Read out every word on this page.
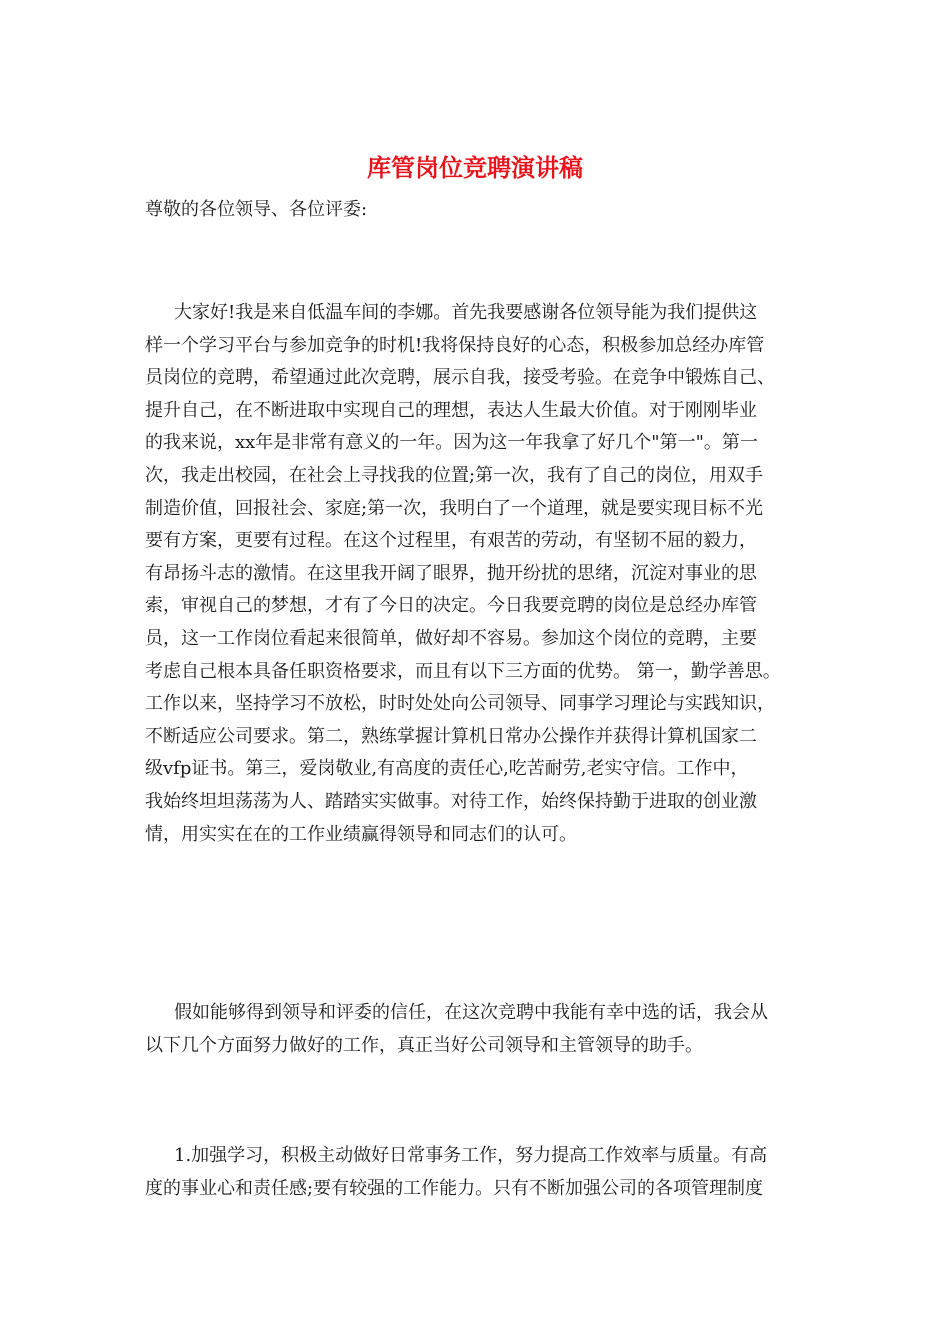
库管岗位竞聘演讲稿

尊敬的各位领导、各位评委:

大家好!我是来自低温车间的李娜。首先我要感谢各位领导能为我们提供这
样一个学习平台与参加竞争的时机!我将保持良好的心态，积极参加总经办库管
员岗位的竞聘，希望通过此次竞聘，展示自我，接受考验。在竞争中锻炼自己、
提升自己，在不断进取中实现自己的理想，表达人生最大价值。对于刚刚毕业
的我来说，xx年是非常有意义的一年。因为这一年我拿了好几个"第一"。第一
次，我走出校园，在社会上寻找我的位置;第一次，我有了自己的岗位，用双手
制造价值，回报社会、家庭;第一次，我明白了一个道理，就是要实现目标不光
要有方案，更要有过程。在这个过程里，有艰苦的劳动，有坚韧不屈的毅力，
有昂扬斗志的激情。在这里我开阔了眼界，抛开纷扰的思绪，沉淀对事业的思
索，审视自己的梦想，才有了今日的决定。今日我要竞聘的岗位是总经办库管
员，这一工作岗位看起来很简单，做好却不容易。参加这个岗位的竞聘，主要
考虑自己根本具备任职资格要求，而且有以下三方面的优势。 第一，勤学善思。
工作以来，坚持学习不放松，时时处处向公司领导、同事学习理论与实践知识，
不断适应公司要求。第二，熟练掌握计算机日常办公操作并获得计算机国家二
级vfp证书。第三，爱岗敬业,有高度的责任心,吃苦耐劳,老实守信。工作中，
我始终坦坦荡荡为人、踏踏实实做事。对待工作，始终保持勤于进取的创业激
情，用实实在在的工作业绩赢得领导和同志们的认可。
假如能够得到领导和评委的信任，在这次竞聘中我能有幸中选的话，我会从
以下几个方面努力做好的工作，真正当好公司领导和主管领导的助手。
1.加强学习，积极主动做好日常事务工作，努力提高工作效率与质量。有高
度的事业心和责任感;要有较强的工作能力。只有不断加强公司的各项管理制度
